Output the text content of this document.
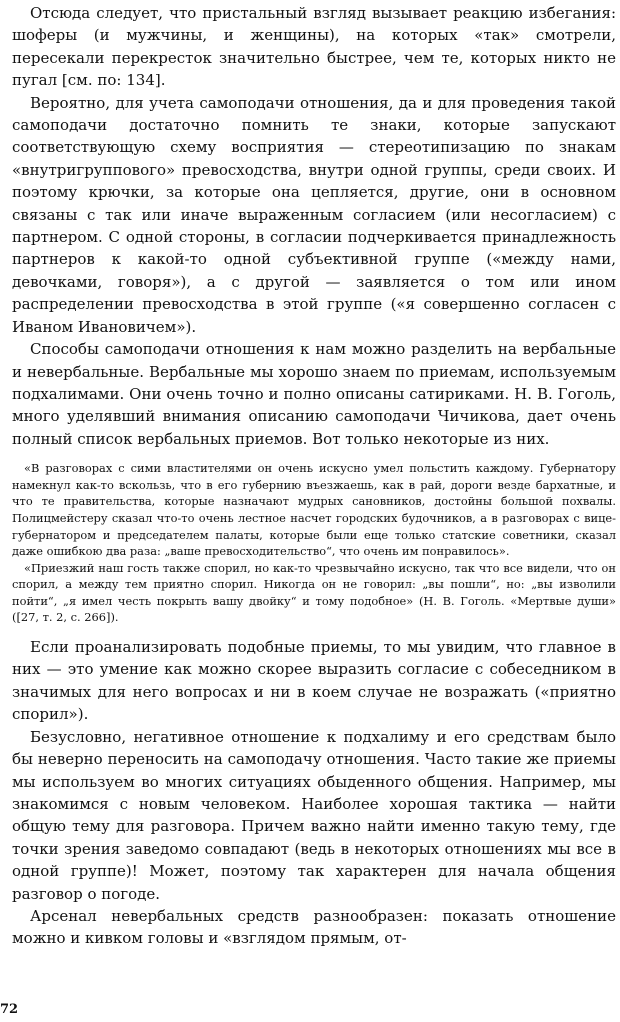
Отсюда следует, что пристальный взгляд вызывает реакцию избегания: шоферы (и мужчины, и женщины), на которых «так» смотрели, пересекали перекресток значительно быстрее, чем те, которых никто не пугал [см. по: 134].

Вероятно, для учета самоподачи отношения, да и для проведения такой самоподачи достаточно помнить те знаки, которые запускают соответствующую схему восприятия — стереотипизацию по знакам «внутригруппового» превосходства, внутри одной группы, среди своих. И поэтому крючки, за которые она цепляется, другие, они в основном связаны с так или иначе выраженным согласием (или несогласием) с партнером. С одной стороны, в согласии подчеркивается принадлежность партнеров к какой-то одной субъективной группе («между нами, девочками, говоря»), а с другой — заявляется о том или ином распределении превосходства в этой группе («я совершенно согласен с Иваном Ивановичем»).

Способы самоподачи отношения к нам можно разделить на вербальные и невербальные. Вербальные мы хорошо знаем по приемам, используемым подхалимами. Они очень точно и полно описаны сатириками. Н. В. Гоголь, много уделявший внимания описанию самоподачи Чичикова, дает очень полный список вербальных приемов. Вот только некоторые из них.

«В разговорах с сими властителями он очень искусно умел польстить каждому. Губернатору намекнул как-то вскользь, что в его губернию въезжаешь, как в рай, дороги везде бархатные, и что те правительства, которые назначают мудрых сановников, достойны большой похвалы. Полицмейстеру сказал что-то очень лестное насчет городских будочников, а в разговорах с вице-губернатором и председателем палаты, которые были еще только статские советники, сказал даже ошибкою два раза: „ваше превосходительство“, что очень им понравилось».

«Приезжий наш гость также спорил, но как-то чрезвычайно искусно, так что все видели, что он спорил, а между тем приятно спорил. Никогда он не говорил: „вы пошли“, но: „вы изволили пойти“, „я имел честь покрыть вашу двойку“ и тому подобное» (Н. В. Гоголь. «Мертвые души» ([27, т. 2, с. 266]).

Если проанализировать подобные приемы, то мы увидим, что главное в них — это умение как можно скорее выразить согласие с собеседником в значимых для него вопросах и ни в коем случае не возражать («приятно спорил»).

Безусловно, негативное отношение к подхалиму и его средствам было бы неверно переносить на самоподачу отношения. Часто такие же приемы мы используем во многих ситуациях обыденного общения. Например, мы знакомимся с новым человеком. Наиболее хорошая тактика — найти общую тему для разговора. Причем важно найти именно такую тему, где точки зрения заведомо совпадают (ведь в некоторых отношениях мы все в одной группе)! Может, поэтому так характерен для начала общения разговор о погоде.

Арсенал невербальных средств разнообразен: показать отношение можно и кивком головы и «взглядом прямым, от-

72
